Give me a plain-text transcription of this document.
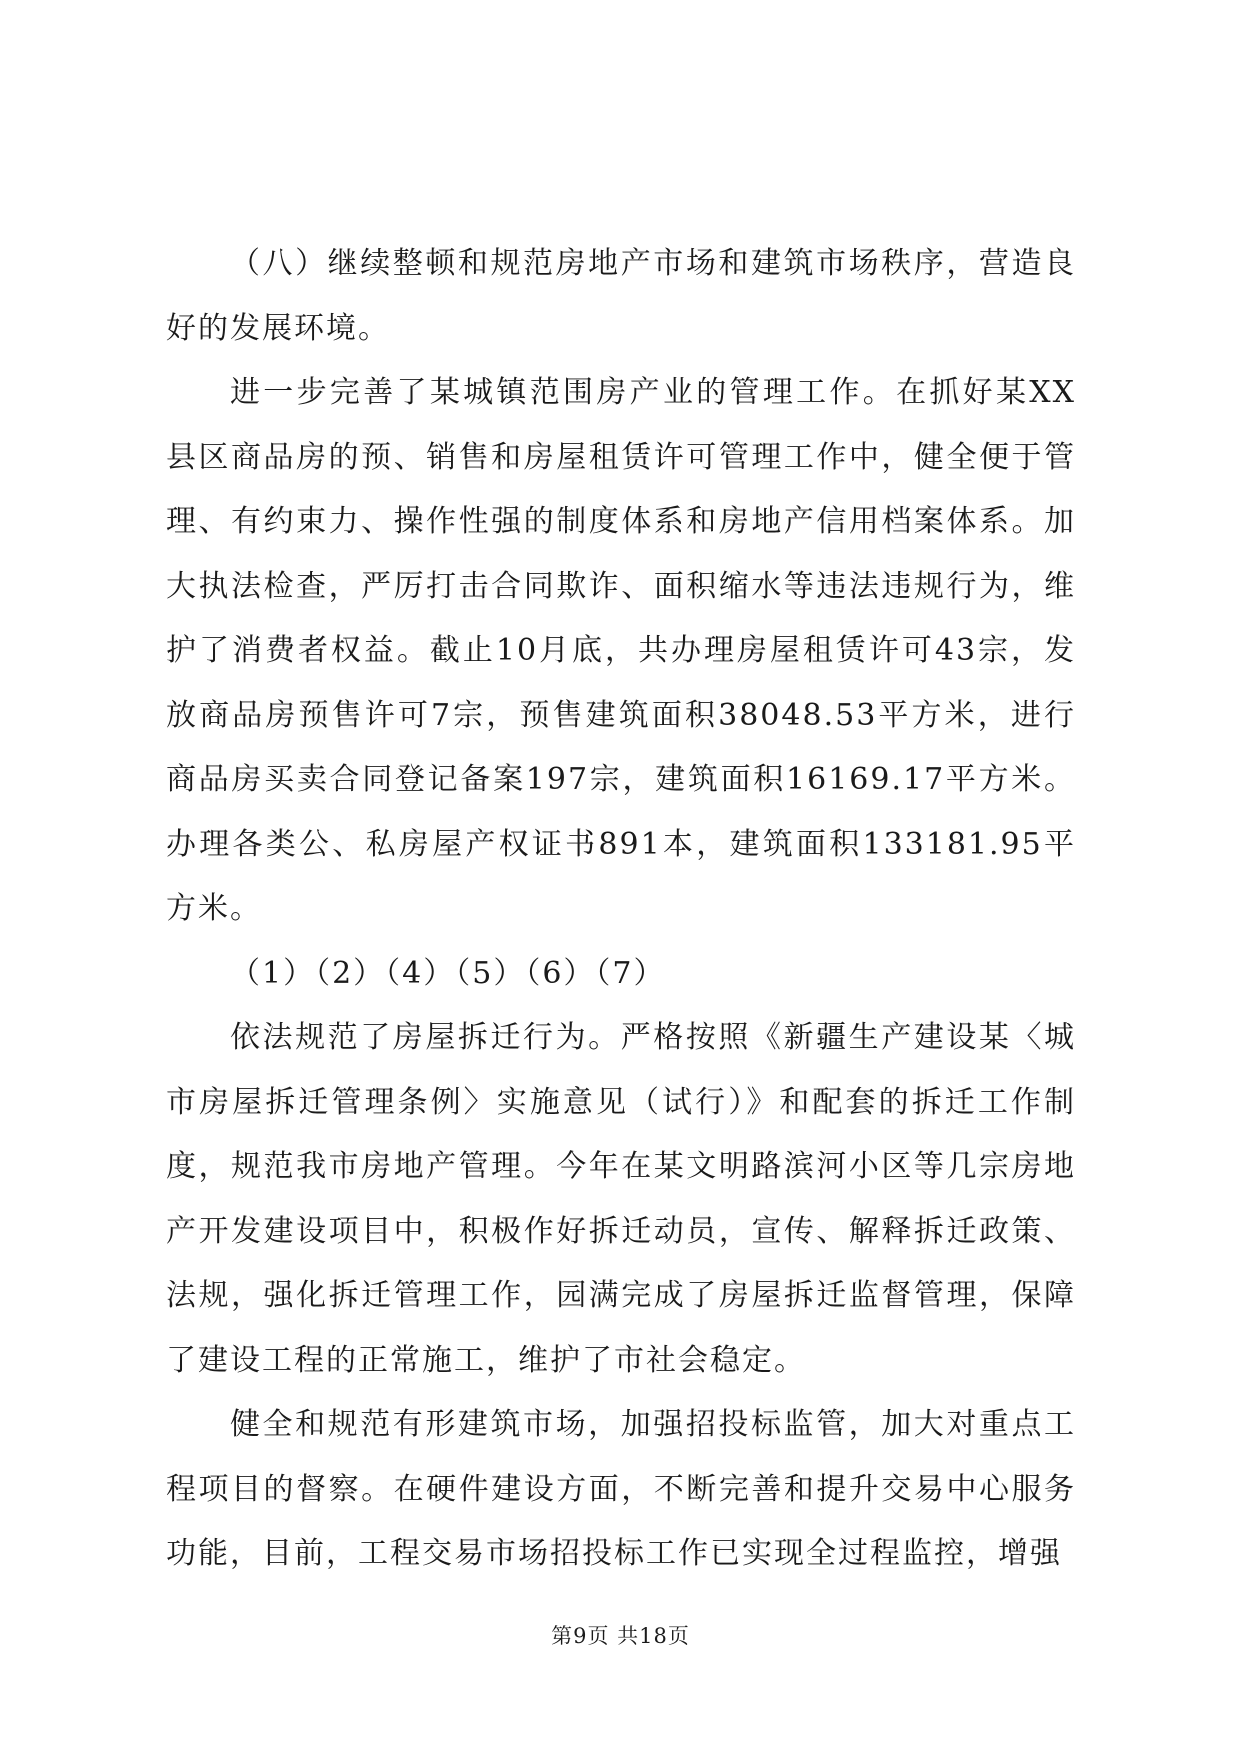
（八）继续整顿和规范房地产市场和建筑市场秩序，营造良好的发展环境。

进一步完善了某城镇范围房产业的管理工作。在抓好某XX县区商品房的预、销售和房屋租赁许可管理工作中，健全便于管理、有约束力、操作性强的制度体系和房地产信用档案体系。加大执法检查，严厉打击合同欺诈、面积缩水等违法违规行为，维护了消费者权益。截止10月底，共办理房屋租赁许可43宗，发放商品房预售许可7宗，预售建筑面积38048.53平方米，进行商品房买卖合同登记备案197宗，建筑面积16169.17平方米。办理各类公、私房屋产权证书891本，建筑面积133181.95平方米。

（1）（2）（4）（5）（6）（7）

依法规范了房屋拆迁行为。严格按照《新疆生产建设某〈城市房屋拆迁管理条例〉实施意见（试行）》和配套的拆迁工作制度，规范我市房地产管理。今年在某文明路滨河小区等几宗房地产开发建设项目中，积极作好拆迁动员，宣传、解释拆迁政策、法规，强化拆迁管理工作，园满完成了房屋拆迁监督管理，保障了建设工程的正常施工，维护了市社会稳定。

健全和规范有形建筑市场，加强招投标监管，加大对重点工程项目的督察。在硬件建设方面，不断完善和提升交易中心服务功能，目前，工程交易市场招投标工作已实现全过程监控，增强

第9页 共18页
